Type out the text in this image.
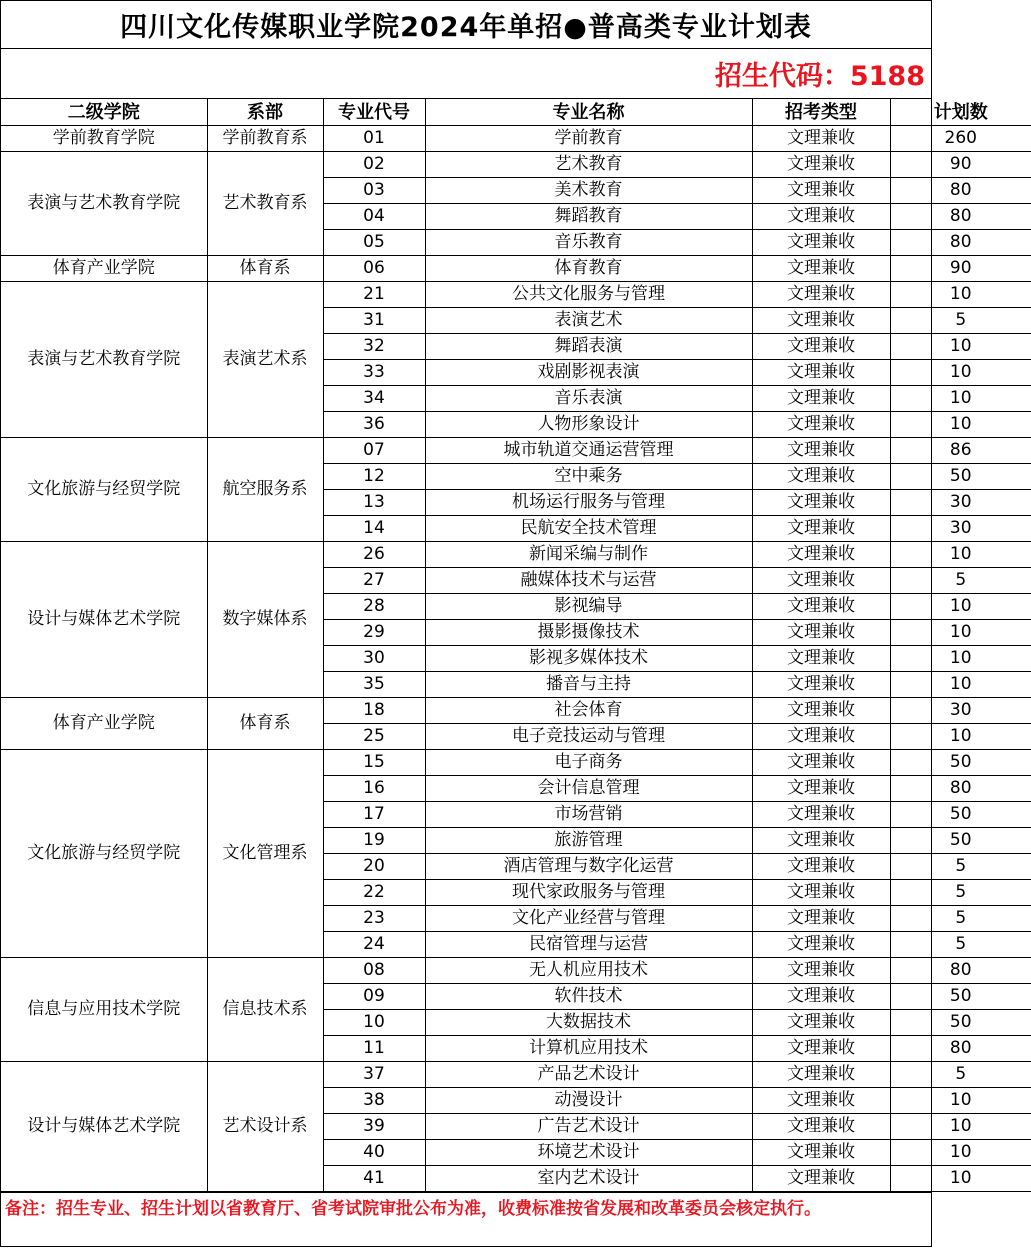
四川文化传媒职业学院2024年单招●普高类专业计划表
招生代码：5188
二级学院	系部	专业代号	专业名称	招考类型	计划数
学前教育学院	学前教育系	01	学前教育	文理兼收	260
表演与艺术教育学院	艺术教育系	02	艺术教育	文理兼收	90
		03	美术教育	文理兼收	80
		04	舞蹈教育	文理兼收	80
		05	音乐教育	文理兼收	80
体育产业学院	体育系	06	体育教育	文理兼收	90
表演与艺术教育学院	表演艺术系	21	公共文化服务与管理	文理兼收	10
		31	表演艺术	文理兼收	5
		32	舞蹈表演	文理兼收	10
		33	戏剧影视表演	文理兼收	10
		34	音乐表演	文理兼收	10
		36	人物形象设计	文理兼收	10
文化旅游与经贸学院	航空服务系	07	城市轨道交通运营管理	文理兼收	86
		12	空中乘务	文理兼收	50
		13	机场运行服务与管理	文理兼收	30
		14	民航安全技术管理	文理兼收	30
设计与媒体艺术学院	数字媒体系	26	新闻采编与制作	文理兼收	10
		27	融媒体技术与运营	文理兼收	5
		28	影视编导	文理兼收	10
		29	摄影摄像技术	文理兼收	10
		30	影视多媒体技术	文理兼收	10
		35	播音与主持	文理兼收	10
体育产业学院	体育系	18	社会体育	文理兼收	30
		25	电子竞技运动与管理	文理兼收	10
文化旅游与经贸学院	文化管理系	15	电子商务	文理兼收	50
		16	会计信息管理	文理兼收	80
		17	市场营销	文理兼收	50
		19	旅游管理	文理兼收	50
		20	酒店管理与数字化运营	文理兼收	5
		22	现代家政服务与管理	文理兼收	5
		23	文化产业经营与管理	文理兼收	5
		24	民宿管理与运营	文理兼收	5
信息与应用技术学院	信息技术系	08	无人机应用技术	文理兼收	80
		09	软件技术	文理兼收	50
		10	大数据技术	文理兼收	50
		11	计算机应用技术	文理兼收	80
设计与媒体艺术学院	艺术设计系	37	产品艺术设计	文理兼收	5
		38	动漫设计	文理兼收	10
		39	广告艺术设计	文理兼收	10
		40	环境艺术设计	文理兼收	10
		41	室内艺术设计	文理兼收	10
备注：招生专业、招生计划以省教育厅、省考试院审批公布为准，收费标准按省发展和改革委员会核定执行。
